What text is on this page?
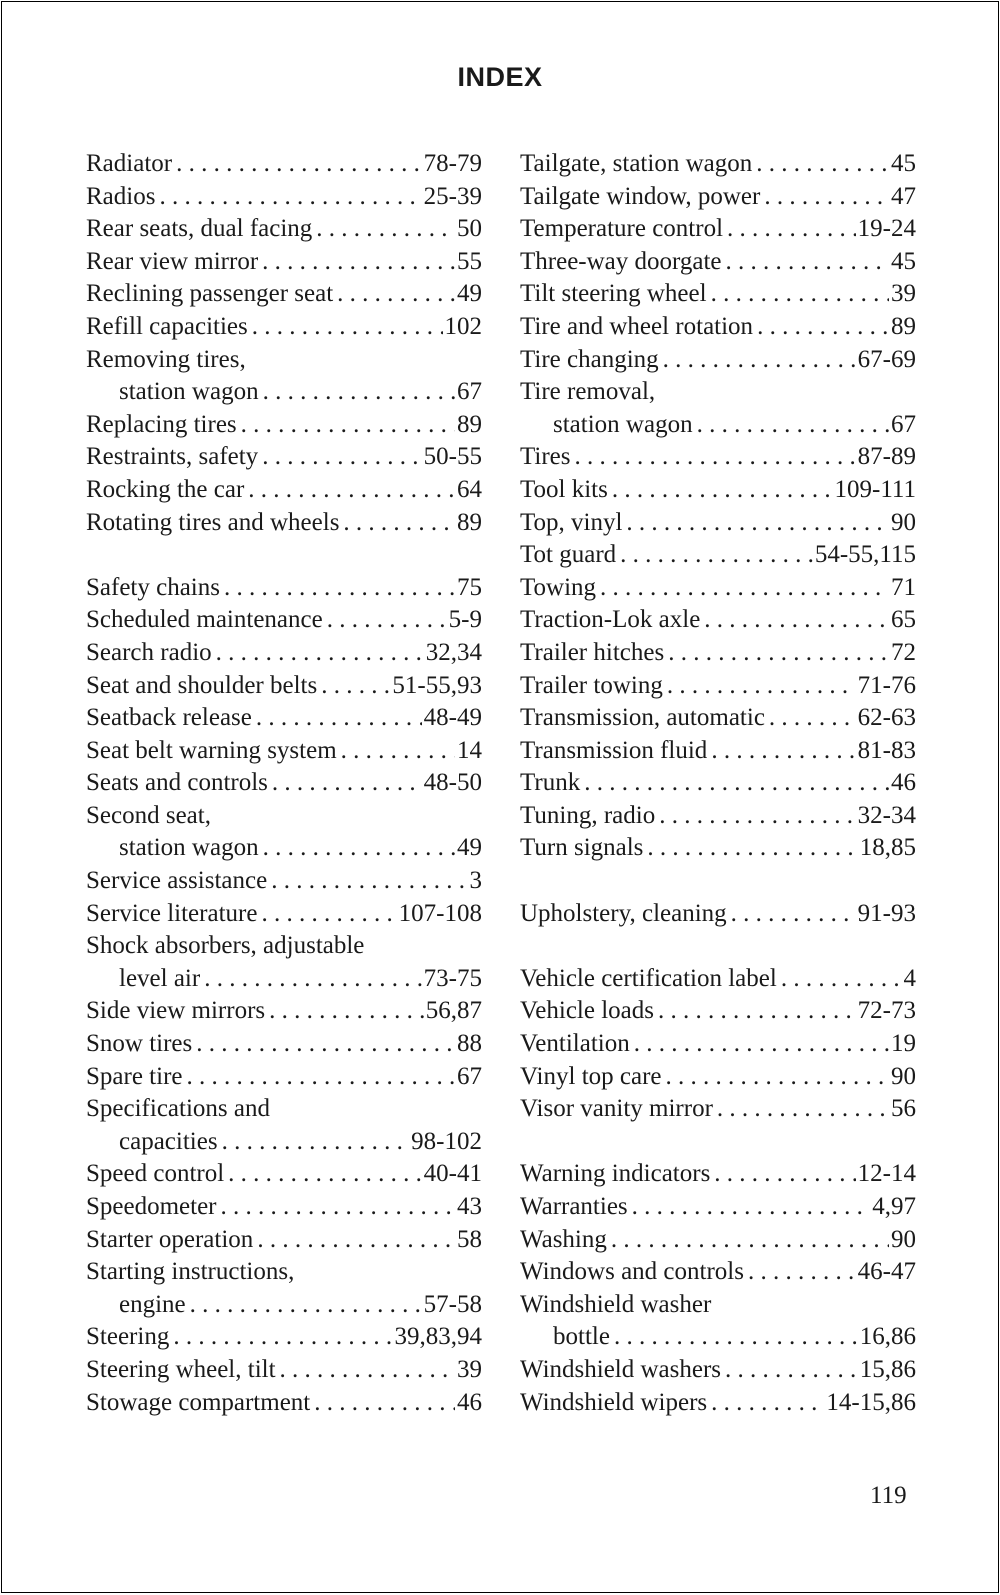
INDEX
Radiator . . .	78-79
Radios . . .	25-39
Rear seats, dual facing . . .	50
Rear view mirror . . .	55
Reclining passenger seat . . .	49
Refill capacities . . .	102
Removing tires,
station wagon . . .	67
Replacing tires . . .	89
Restraints, safety . . .	50-55
Rocking the car . . .	64
Rotating tires and wheels . . .	89
Safety chains . . .	75
Scheduled maintenance . . .	5-9
Search radio . . .	32,34
Seat and shoulder belts . . .	51-55,93
Seatback release . . .	48-49
Seat belt warning system . . .	14
Seats and controls . . .	48-50
Second seat,
station wagon . . .	49
Service assistance . . .	3
Service literature . . .	107-108
Shock absorbers, adjustable
level air . . .	73-75
Side view mirrors . . .	56,87
Snow tires . . .	88
Spare tire . . .	67
Specifications and
capacities . . .	98-102
Speed control . . .	40-41
Speedometer . . .	43
Starter operation . . .	58
Starting instructions,
engine . . .	57-58
Steering . . .	39,83,94
Steering wheel, tilt . . .	39
Stowage compartment . . .	46
Tailgate, station wagon . . .	45
Tailgate window, power . . .	47
Temperature control . . .	19-24
Three-way doorgate . . .	45
Tilt steering wheel . . .	39
Tire and wheel rotation . . .	89
Tire changing . . .	67-69
Tire removal,
station wagon . . .	67
Tires . . .	87-89
Tool kits . . .	109-111
Top, vinyl . . .	90
Tot guard . . .	54-55,115
Towing . . .	71
Traction-Lok axle . . .	65
Trailer hitches . . .	72
Trailer towing . . .	71-76
Transmission, automatic . . .	62-63
Transmission fluid . . .	81-83
Trunk . . .	46
Tuning, radio . . .	32-34
Turn signals . . .	18,85
Upholstery, cleaning . . .	91-93
Vehicle certification label . . .	4
Vehicle loads . . .	72-73
Ventilation . . .	19
Vinyl top care . . .	90
Visor vanity mirror . . .	56
Warning indicators . . .	12-14
Warranties . . .	4,97
Washing . . .	90
Windows and controls . . .	46-47
Windshield washer
bottle . . .	16,86
Windshield washers . . .	15,86
Windshield wipers . . .	14-15,86
119
